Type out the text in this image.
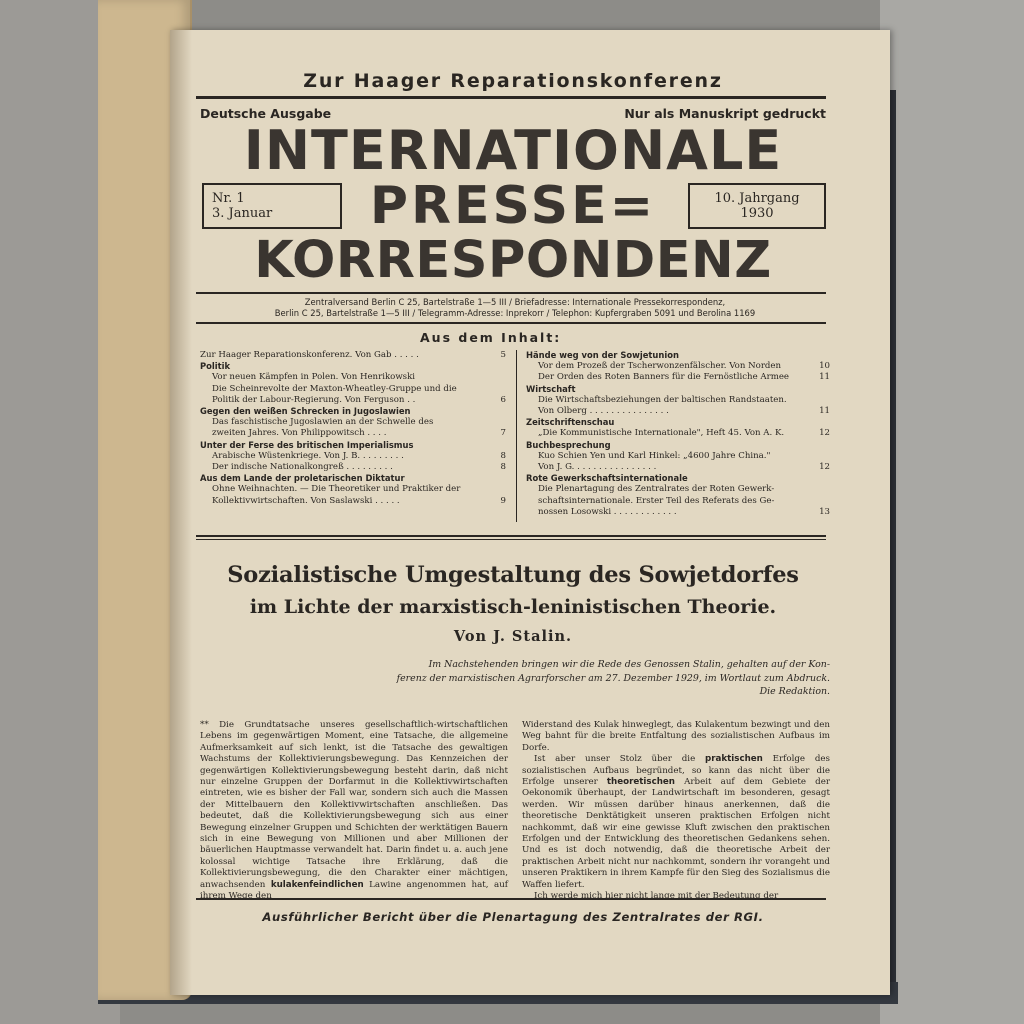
Zur Haager Reparationskonferenz
Deutsche Ausgabe	Nur als Manuskript gedruckt
INTERNATIONALE
PRESSE=
KORRESPONDENZ
Nr. 1
3. Januar
10. Jahrgang
1930
Zentralversand Berlin C 25, Bartelstraße 1—5 III / Briefadresse: Internationale Pressekorrespondenz,
Berlin C 25, Bartelstraße 1—5 III / Telegramm-Adresse: Inprekorr / Telephon: Kupfergraben 5091 und Berolina 1169
Aus dem Inhalt:
Zur Haager Reparationskonferenz. Von Gab . . . . .	5
Politik
Vor neuen Kämpfen in Polen. Von Henrikowski
Die Scheinrevolte der Maxton-Wheatley-Gruppe und die
Politik der Labour-Regierung. Von Ferguson . .	6
Gegen den weißen Schrecken in Jugoslawien
Das faschistische Jugoslawien an der Schwelle des
zweiten Jahres. Von Philippowitsch . . . .	7
Unter der Ferse des britischen Imperialismus
Arabische Wüstenkriege. Von J. B. . . . . . . . .	8
Der indische Nationalkongreß . . . . . . . . .	8
Aus dem Lande der proletarischen Diktatur
Ohne Weihnachten. — Die Theoretiker und Praktiker der
Kollektivwirtschaften. Von Saslawski . . . . .	9
Hände weg von der Sowjetunion
Vor dem Prozeß der Tscherwonzenfälscher. Von Norden	10
Der Orden des Roten Banners für die Fernöstliche Armee	11
Wirtschaft
Die Wirtschaftsbeziehungen der baltischen Randstaaten.
Von Olberg . . . . . . . . . . . . . . .	11
Zeitschriftenschau
„Die Kommunistische Internationale", Heft 45. Von A. K.	12
Buchbesprechung
Kuo Schien Yen und Karl Hinkel: „4600 Jahre China."
Von J. G. . . . . . . . . . . . . . . .	12
Rote Gewerkschaftsinternationale
Die Plenartagung des Zentralrates der Roten Gewerk-
schaftsinternationale. Erster Teil des Referats des Ge-
nossen Losowski . . . . . . . . . . . .	13
Sozialistische Umgestaltung des Sowjetdorfes
im Lichte der marxistisch-leninistischen Theorie.
Von J. Stalin.
Im Nachstehenden bringen wir die Rede des Genossen Stalin, gehalten auf der Kon-
ferenz der marxistischen Agrarforscher am 27. Dezember 1929, im Wortlaut zum Abdruck.
Die Redaktion.
** Die Grundtatsache unseres gesellschaftlich-wirtschaftlichen Lebens im gegenwärtigen Moment, eine Tatsache, die allgemeine Aufmerksamkeit auf sich lenkt, ist die Tatsache des gewaltigen Wachstums der Kollektivierungsbewegung. Das Kennzeichen der gegenwärtigen Kollektivierungsbewegung besteht darin, daß nicht nur einzelne Gruppen der Dorfarmut in die Kollektivwirtschaften eintreten, wie es bisher der Fall war, sondern sich auch die Massen der Mittelbauern den Kollektivwirtschaften anschließen. Das bedeutet, daß die Kollektivierungsbewegung sich aus einer Bewegung einzelner Gruppen und Schichten der werktätigen Bauern sich in eine Bewegung von Millionen und aber Millionen der bäuerlichen Hauptmasse verwandelt hat. Darin findet u. a. auch jene kolossal wichtige Tatsache ihre Erklärung, daß die Kollektivierungsbewegung, die den Charakter einer mächtigen, anwachsenden kulakenfeindlichen Lawine angenommen hat, auf ihrem Wege den
Widerstand des Kulak hinweglegt, das Kulakentum bezwingt und den Weg bahnt für die breite Entfaltung des sozialistischen Aufbaus im Dorfe.
Ist aber unser Stolz über die praktischen Erfolge des sozialistischen Aufbaus begründet, so kann das nicht über die Erfolge unserer theoretischen Arbeit auf dem Gebiete der Oekonomik überhaupt, der Landwirtschaft im besonderen, gesagt werden. Wir müssen darüber hinaus anerkennen, daß die theoretische Denktätigkeit unseren praktischen Erfolgen nicht nachkommt, daß wir eine gewisse Kluft zwischen den praktischen Erfolgen und der Entwicklung des theoretischen Gedankens sehen. Und es ist doch notwendig, daß die theoretische Arbeit der praktischen Arbeit nicht nur nachkommt, sondern ihr vorangeht und unseren Praktikern in ihrem Kampfe für den Sieg des Sozialismus die Waffen liefert.
Ich werde mich hier nicht lange mit der Bedeutung der
Ausführlicher Bericht über die Plenartagung des Zentralrates der RGI.
